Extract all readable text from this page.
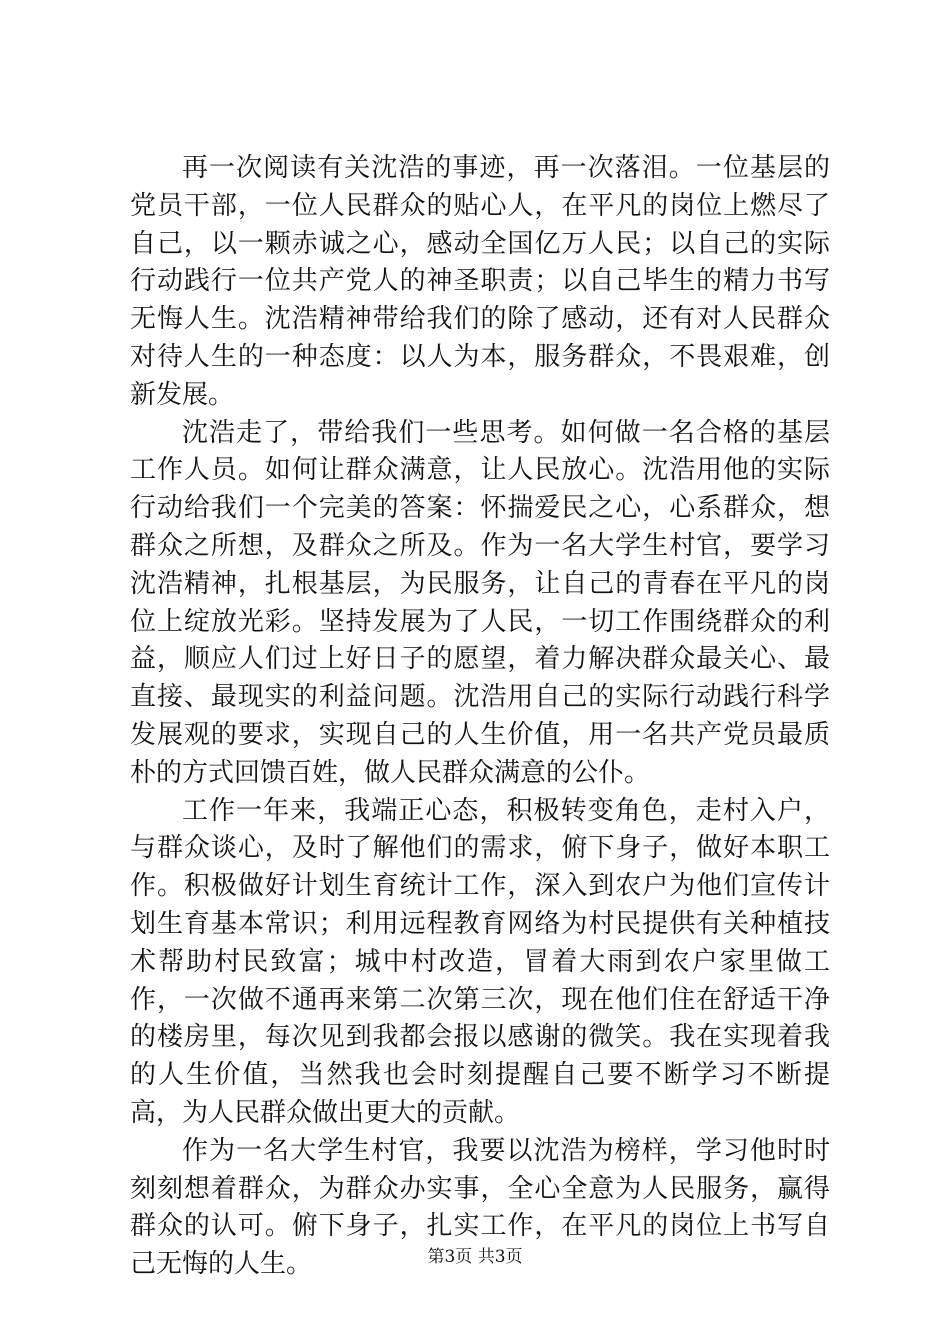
再一次阅读有关沈浩的事迹，再一次落泪。一位基层的党员干部，一位人民群众的贴心人，在平凡的岗位上燃尽了自己，以一颗赤诚之心，感动全国亿万人民；以自己的实际行动践行一位共产党人的神圣职责；以自己毕生的精力书写无悔人生。沈浩精神带给我们的除了感动，还有对人民群众对待人生的一种态度：以人为本，服务群众，不畏艰难，创新发展。

沈浩走了，带给我们一些思考。如何做一名合格的基层工作人员。如何让群众满意，让人民放心。沈浩用他的实际行动给我们一个完美的答案：怀揣爱民之心，心系群众，想群众之所想，及群众之所及。作为一名大学生村官，要学习沈浩精神，扎根基层，为民服务，让自己的青春在平凡的岗位上绽放光彩。坚持发展为了人民，一切工作围绕群众的利益，顺应人们过上好日子的愿望，着力解决群众最关心、最直接、最现实的利益问题。沈浩用自己的实际行动践行科学发展观的要求，实现自己的人生价值，用一名共产党员最质朴的方式回馈百姓，做人民群众满意的公仆。

工作一年来，我端正心态，积极转变角色，走村入户，与群众谈心，及时了解他们的需求，俯下身子，做好本职工作。积极做好计划生育统计工作，深入到农户为他们宣传计划生育基本常识；利用远程教育网络为村民提供有关种植技术帮助村民致富；城中村改造，冒着大雨到农户家里做工作，一次做不通再来第二次第三次，现在他们住在舒适干净的楼房里，每次见到我都会报以感谢的微笑。我在实现着我的人生价值，当然我也会时刻提醒自己要不断学习不断提高，为人民群众做出更大的贡献。

作为一名大学生村官，我要以沈浩为榜样，学习他时时刻刻想着群众，为群众办实事，全心全意为人民服务，赢得群众的认可。俯下身子，扎实工作，在平凡的岗位上书写自己无悔的人生。	第3页 共3页
